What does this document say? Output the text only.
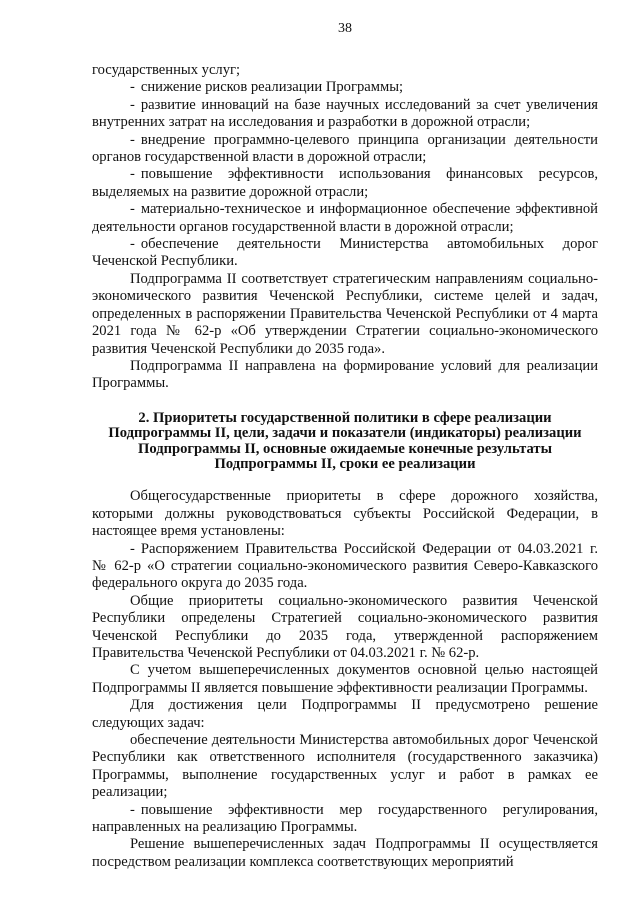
38

государственных услуг;

- снижение рисков реализации Программы;

- развитие инноваций на базе научных исследований за счет увеличения внутренних затрат на исследования и разработки в дорожной отрасли;

- внедрение программно-целевого принципа организации деятельности органов государственной власти в дорожной отрасли;

- повышение эффективности использования финансовых ресурсов, выделяемых на развитие дорожной отрасли;

- материально-техническое и информационное обеспечение эффективной деятельности органов государственной власти в дорожной отрасли;

- обеспечение деятельности Министерства автомобильных дорог Чеченской Республики.

Подпрограмма II соответствует стратегическим направлениям социально-экономического развития Чеченской Республики, системе целей и задач, определенных в распоряжении Правительства Чеченской Республики от 4 марта 2021 года № 62-р «Об утверждении Стратегии социально-экономического развития Чеченской Республики до 2035 года».

Подпрограмма II направлена на формирование условий для реализации Программы.

2. Приоритеты государственной политики в сфере реализации
Подпрограммы II, цели, задачи и показатели (индикаторы) реализации
Подпрограммы II, основные ожидаемые конечные результаты
Подпрограммы II, сроки ее реализации

Общегосударственные приоритеты в сфере дорожного хозяйства, которыми должны руководствоваться субъекты Российской Федерации, в настоящее время установлены:

- Распоряжением Правительства Российской Федерации от 04.03.2021 г. № 62-р «О стратегии социально-экономического развития Северо-Кавказского федерального округа до 2035 года.

Общие приоритеты социально-экономического развития Чеченской Республики определены Стратегией социально-экономического развития Чеченской Республики до 2035 года, утвержденной распоряжением Правительства Чеченской Республики от 04.03.2021 г. № 62-р.

С учетом вышеперечисленных документов основной целью настоящей Подпрограммы II является повышение эффективности реализации Программы.

Для достижения цели Подпрограммы II предусмотрено решение следующих задач:

обеспечение деятельности Министерства автомобильных дорог Чеченской Республики как ответственного исполнителя (государственного заказчика) Программы, выполнение государственных услуг и работ в рамках ее реализации;

- повышение эффективности мер государственного регулирования, направленных на реализацию Программы.

Решение вышеперечисленных задач Подпрограммы II осуществляется посредством реализации комплекса соответствующих мероприятий
